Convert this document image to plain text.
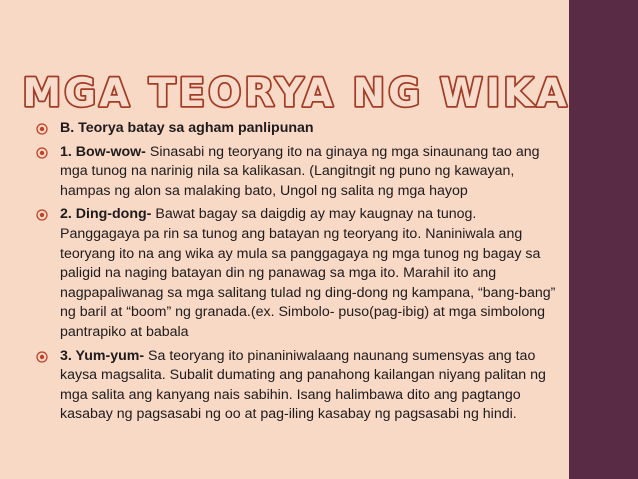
MGA TEORYA NG WIKA
B. Teorya batay sa agham panlipunan
1. Bow-wow- Sinasabi ng teoryang ito na ginaya ng mga sinaunang tao ang mga tunog na narinig nila sa kalikasan. (Langitngit ng puno ng kawayan, hampas ng alon sa malaking bato, Ungol ng salita ng mga hayop
2. Ding-dong- Bawat bagay sa daigdig ay may kaugnay na tunog. Panggagaya pa rin sa tunog ang batayan ng teoryang ito. Naniniwala ang teoryang ito na ang wika ay mula sa panggagaya ng mga tunog ng bagay sa paligid na naging batayan din ng panawag sa mga ito. Marahil ito ang nagpapaliwanag sa mga salitang tulad ng ding-dong ng kampana, “bang-bang” ng baril at “boom” ng granada.(ex. Simbolo- puso(pag-ibig) at mga simbolong pantrapiko at babala
3. Yum-yum- Sa teoryang ito pinaniniwalaang naunang sumensyas ang tao kaysa magsalita. Subalit dumating ang panahong kailangan niyang palitan ng mga salita ang kanyang nais sabihin. Isang halimbawa dito ang pagtango kasabay ng pagsasabi ng oo at pag-iling kasabay ng pagsasabi ng hindi.
